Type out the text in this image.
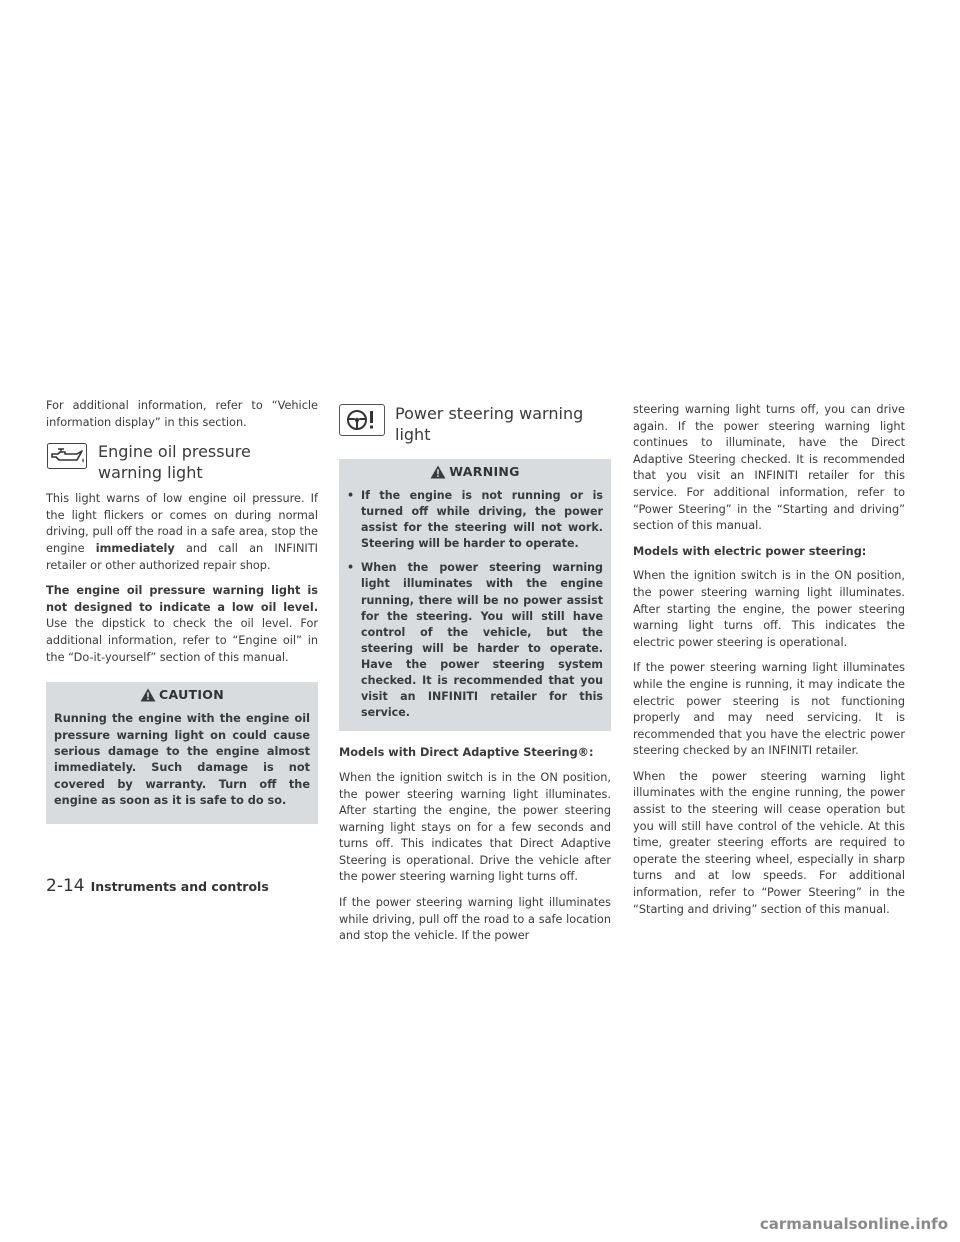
For additional information, refer to “Vehicle information display” in this section.

Engine oil pressure warning light

This light warns of low engine oil pressure. If the light flickers or comes on during normal driving, pull off the road in a safe area, stop the engine immediately and call an INFINITI retailer or other authorized repair shop.

The engine oil pressure warning light is not designed to indicate a low oil level. Use the dipstick to check the oil level. For additional information, refer to “Engine oil” in the “Do-it-yourself” section of this manual.

CAUTION

Running the engine with the engine oil pressure warning light on could cause serious damage to the engine almost immediately. Such damage is not covered by warranty. Turn off the engine as soon as it is safe to do so.

Power steering warning light
WARNING
• If the engine is not running or is turned off while driving, the power assist for the steering will not work. Steering will be harder to operate.
• When the power steering warning light illuminates with the engine running, there will be no power assist for the steering. You will still have control of the vehicle, but the steering will be harder to operate. Have the power steering system checked. It is recommended that you visit an INFINITI retailer for this service.
Models with Direct Adaptive Steering®:

When the ignition switch is in the ON position, the power steering warning light illuminates. After starting the engine, the power steering warning light stays on for a few seconds and turns off. This indicates that Direct Adaptive Steering is operational. Drive the vehicle after the power steering warning light turns off.

If the power steering warning light illuminates while driving, pull off the road to a safe location and stop the vehicle. If the power

steering warning light turns off, you can drive again. If the power steering warning light continues to illuminate, have the Direct Adaptive Steering checked. It is recommended that you visit an INFINITI retailer for this service. For additional information, refer to “Power Steering” in the “Starting and driving” section of this manual.

Models with electric power steering:

When the ignition switch is in the ON position, the power steering warning light illuminates. After starting the engine, the power steering warning light turns off. This indicates the electric power steering is operational.

If the power steering warning light illuminates while the engine is running, it may indicate the electric power steering is not functioning properly and may need servicing. It is recommended that you have the electric power steering checked by an INFINITI retailer.

When the power steering warning light illuminates with the engine running, the power assist to the steering will cease operation but you will still have control of the vehicle. At this time, greater steering efforts are required to operate the steering wheel, especially in sharp turns and at low speeds. For additional information, refer to “Power Steering” in the “Starting and driving” section of this manual.

2-14 Instruments and controls
carmanualsonline.info
